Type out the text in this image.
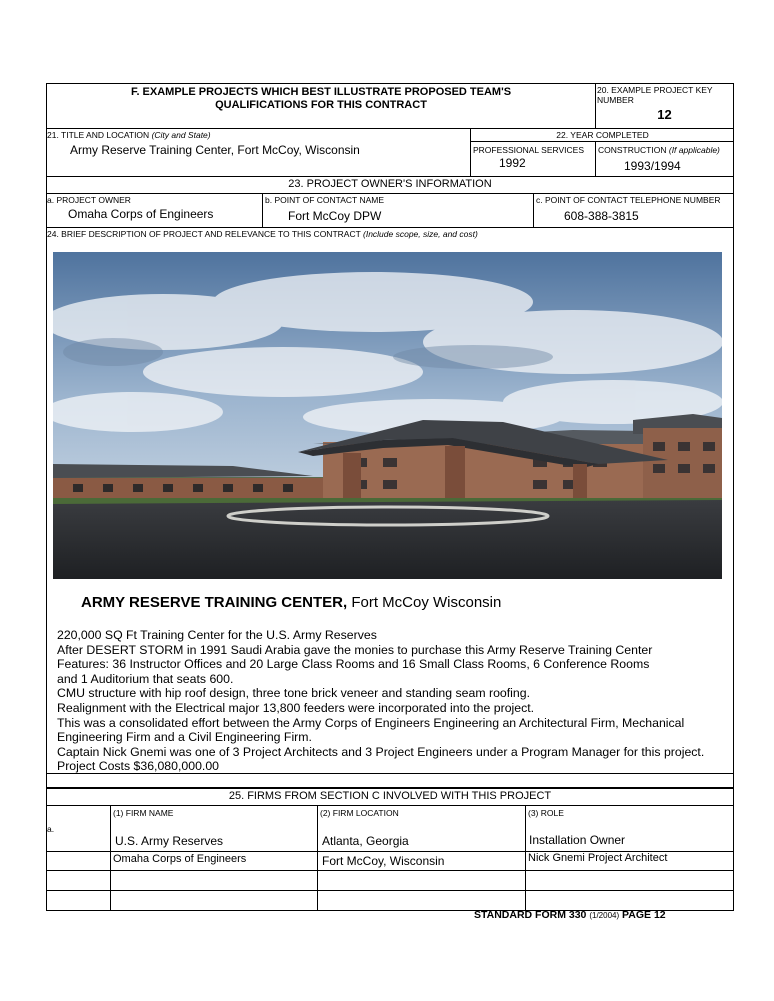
F. EXAMPLE PROJECTS WHICH BEST ILLUSTRATE PROPOSED TEAM'S
QUALIFICATIONS FOR THIS CONTRACT
20. EXAMPLE PROJECT KEY
NUMBER
12
21. TITLE AND LOCATION (City and State)
Army Reserve Training Center, Fort McCoy, Wisconsin
22. YEAR COMPLETED
PROFESSIONAL SERVICES
1992
CONSTRUCTION (If applicable)
1993/1994
23. PROJECT OWNER'S INFORMATION
a. PROJECT OWNER
Omaha Corps of Engineers
b. POINT OF CONTACT NAME
Fort McCoy DPW
c. POINT OF CONTACT TELEPHONE NUMBER
608-388-3815
24. BRIEF DESCRIPTION OF PROJECT AND RELEVANCE TO THIS CONTRACT (Include scope, size, and cost)
ARMY RESERVE TRAINING CENTER, Fort McCoy Wisconsin
220,000 SQ Ft Training Center for the U.S. Army Reserves
After DESERT STORM in 1991 Saudi Arabia gave the monies to purchase this Army Reserve Training Center
Features: 36 Instructor Offices and 20 Large Class Rooms and 16 Small Class Rooms, 6 Conference Rooms
and 1 Auditorium that seats 600.
CMU structure with hip roof design, three tone brick veneer and standing seam roofing.
Realignment with the Electrical major 13,800 feeders were incorporated into the project.
This was a consolidated effort between the Army Corps of Engineers Engineering an Architectural Firm, Mechanical
Engineering Firm and a Civil Engineering Firm.
Captain Nick Gnemi was one of 3 Project Architects and 3 Project Engineers under a Program Manager for this project.
Project Costs $36,080,000.00
25. FIRMS FROM SECTION C INVOLVED WITH THIS PROJECT
(1) FIRM NAME	(2) FIRM LOCATION	(3) ROLE
a.
U.S. Army Reserves	Atlanta, Georgia	Installation Owner
Omaha Corps of Engineers	Fort McCoy, Wisconsin	Nick Gnemi Project Architect
STANDARD FORM 330 (1/2004) PAGE 12
